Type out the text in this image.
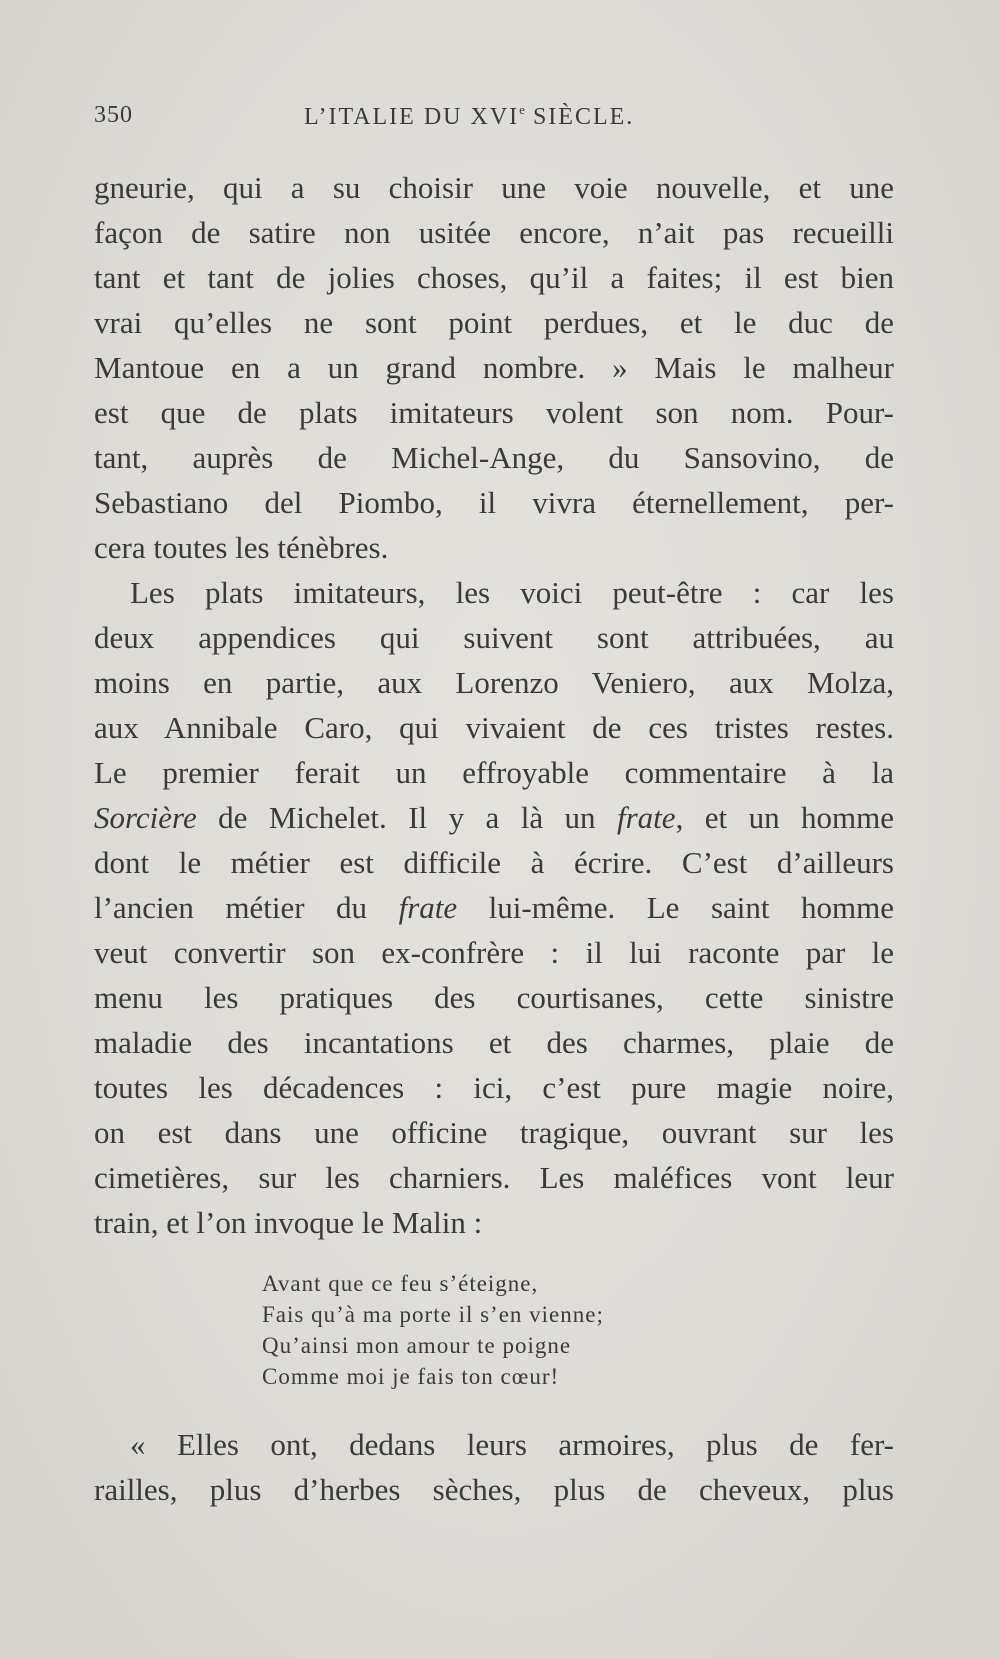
350	L’ITALIE DU XVIe SIÈCLE.
gneurie, qui a su choisir une voie nouvelle, et une
façon de satire non usitée encore, n’ait pas recueilli
tant et tant de jolies choses, qu’il a faites; il est bien
vrai qu’elles ne sont point perdues, et le duc de
Mantoue en a un grand nombre. » Mais le malheur
est que de plats imitateurs volent son nom. Pour-
tant, auprès de Michel-Ange, du Sansovino, de
Sebastiano del Piombo, il vivra éternellement, per-
cera toutes les ténèbres.
Les plats imitateurs, les voici peut-être : car les
deux appendices qui suivent sont attribuées, au
moins en partie, aux Lorenzo Veniero, aux Molza,
aux Annibale Caro, qui vivaient de ces tristes restes.
Le premier ferait un effroyable commentaire à la
Sorcière de Michelet. Il y a là un frate, et un homme
dont le métier est difficile à écrire. C’est d’ailleurs
l’ancien métier du frate lui-même. Le saint homme
veut convertir son ex-confrère : il lui raconte par le
menu les pratiques des courtisanes, cette sinistre
maladie des incantations et des charmes, plaie de
toutes les décadences : ici, c’est pure magie noire,
on est dans une officine tragique, ouvrant sur les
cimetières, sur les charniers. Les maléfices vont leur
train, et l’on invoque le Malin :
Avant que ce feu s’éteigne,
Fais qu’à ma porte il s’en vienne;
Qu’ainsi mon amour te poigne
Comme moi je fais ton cœur!
« Elles ont, dedans leurs armoires, plus de fer-
railles, plus d’herbes sèches, plus de cheveux, plus
